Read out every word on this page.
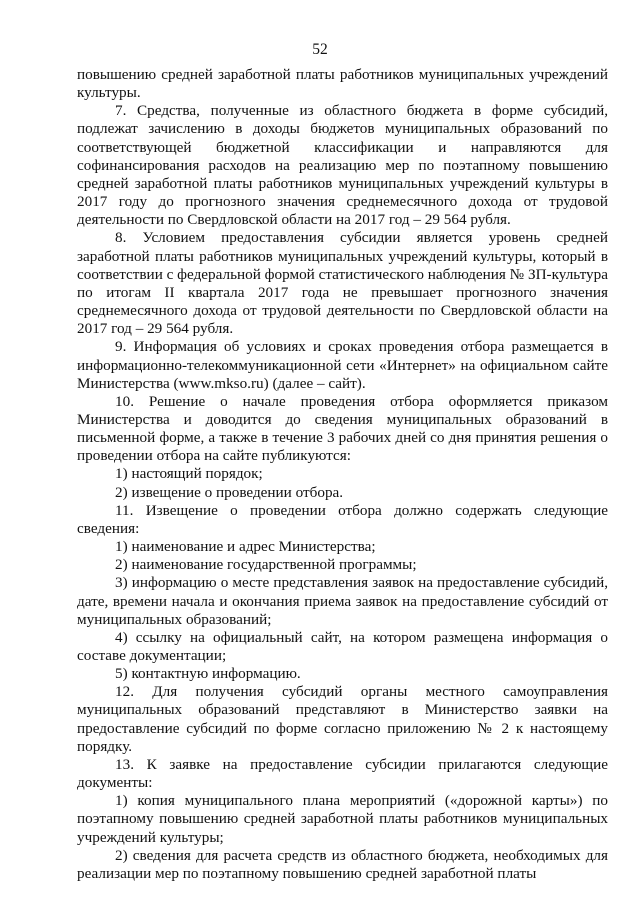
52

повышению средней заработной платы работников муниципальных учреждений культуры.

7. Средства, полученные из областного бюджета в форме субсидий, подлежат зачислению в доходы бюджетов муниципальных образований по соответствующей бюджетной классификации и направляются для софинансирования расходов на реализацию мер по поэтапному повышению средней заработной платы работников муниципальных учреждений культуры в 2017 году до прогнозного значения среднемесячного дохода от трудовой деятельности по Свердловской области на 2017 год – 29 564 рубля.

8. Условием предоставления субсидии является уровень средней заработной платы работников муниципальных учреждений культуры, который в соответствии с федеральной формой статистического наблюдения № ЗП-культура по итогам II квартала 2017 года не превышает прогнозного значения среднемесячного дохода от трудовой деятельности по Свердловской области на 2017 год – 29 564 рубля.

9. Информация об условиях и сроках проведения отбора размещается в информационно-телекоммуникационной сети «Интернет» на официальном сайте Министерства (www.mkso.ru) (далее – сайт).

10. Решение о начале проведения отбора оформляется приказом Министерства и доводится до сведения муниципальных образований в письменной форме, а также в течение 3 рабочих дней со дня принятия решения о проведении отбора на сайте публикуются:

1) настоящий порядок;

2) извещение о проведении отбора.

11. Извещение о проведении отбора должно содержать следующие сведения:

1) наименование и адрес Министерства;

2) наименование государственной программы;

3) информацию о месте представления заявок на предоставление субсидий, дате, времени начала и окончания приема заявок на предоставление субсидий от муниципальных образований;

4) ссылку на официальный сайт, на котором размещена информация о составе документации;

5) контактную информацию.

12. Для получения субсидий органы местного самоуправления муниципальных образований представляют в Министерство заявки на предоставление субсидий по форме согласно приложению № 2 к настоящему порядку.

13. К заявке на предоставление субсидии прилагаются следующие документы:

1) копия муниципального плана мероприятий («дорожной карты») по поэтапному повышению средней заработной платы работников муниципальных учреждений культуры;

2) сведения для расчета средств из областного бюджета, необходимых для реализации мер по поэтапному повышению средней заработной платы
